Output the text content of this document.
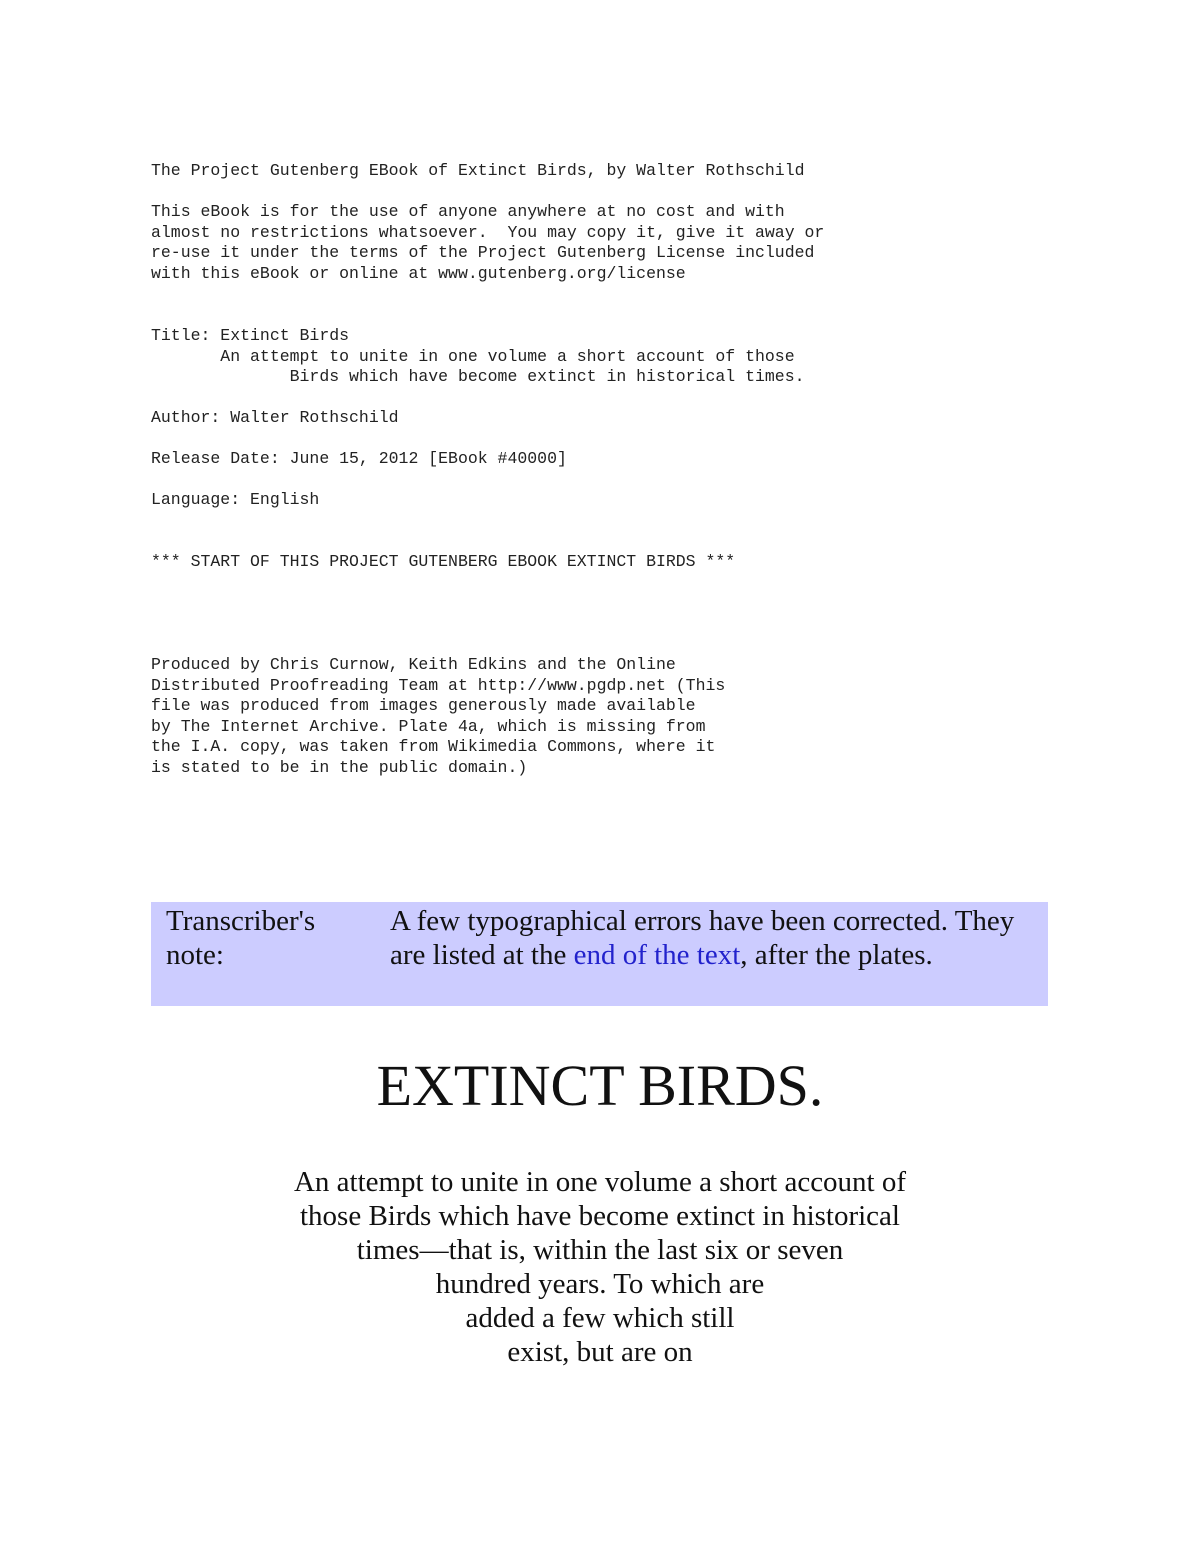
The Project Gutenberg EBook of Extinct Birds, by Walter Rothschild

This eBook is for the use of anyone anywhere at no cost and with
almost no restrictions whatsoever.  You may copy it, give it away or
re-use it under the terms of the Project Gutenberg License included
with this eBook or online at www.gutenberg.org/license
Title: Extinct Birds
An attempt to unite in one volume a short account of those
Birds which have become extinct in historical times.

Author: Walter Rothschild

Release Date: June 15, 2012 [EBook #40000]

Language: English

*** START OF THIS PROJECT GUTENBERG EBOOK EXTINCT BIRDS ***

Produced by Chris Curnow, Keith Edkins and the Online
Distributed Proofreading Team at http://www.pgdp.net (This
file was produced from images generously made available
by The Internet Archive. Plate 4a, which is missing from
the I.A. copy, was taken from Wikimedia Commons, where it
is stated to be in the public domain.)
Transcriber's
note:
A few typographical errors have been corrected. They
are listed at the end of the text, after the plates.
EXTINCT BIRDS.
An attempt to unite in one volume a short account of
those Birds which have become extinct in historical
times—that is, within the last six or seven
hundred years. To which are
added a few which still
exist, but are on
